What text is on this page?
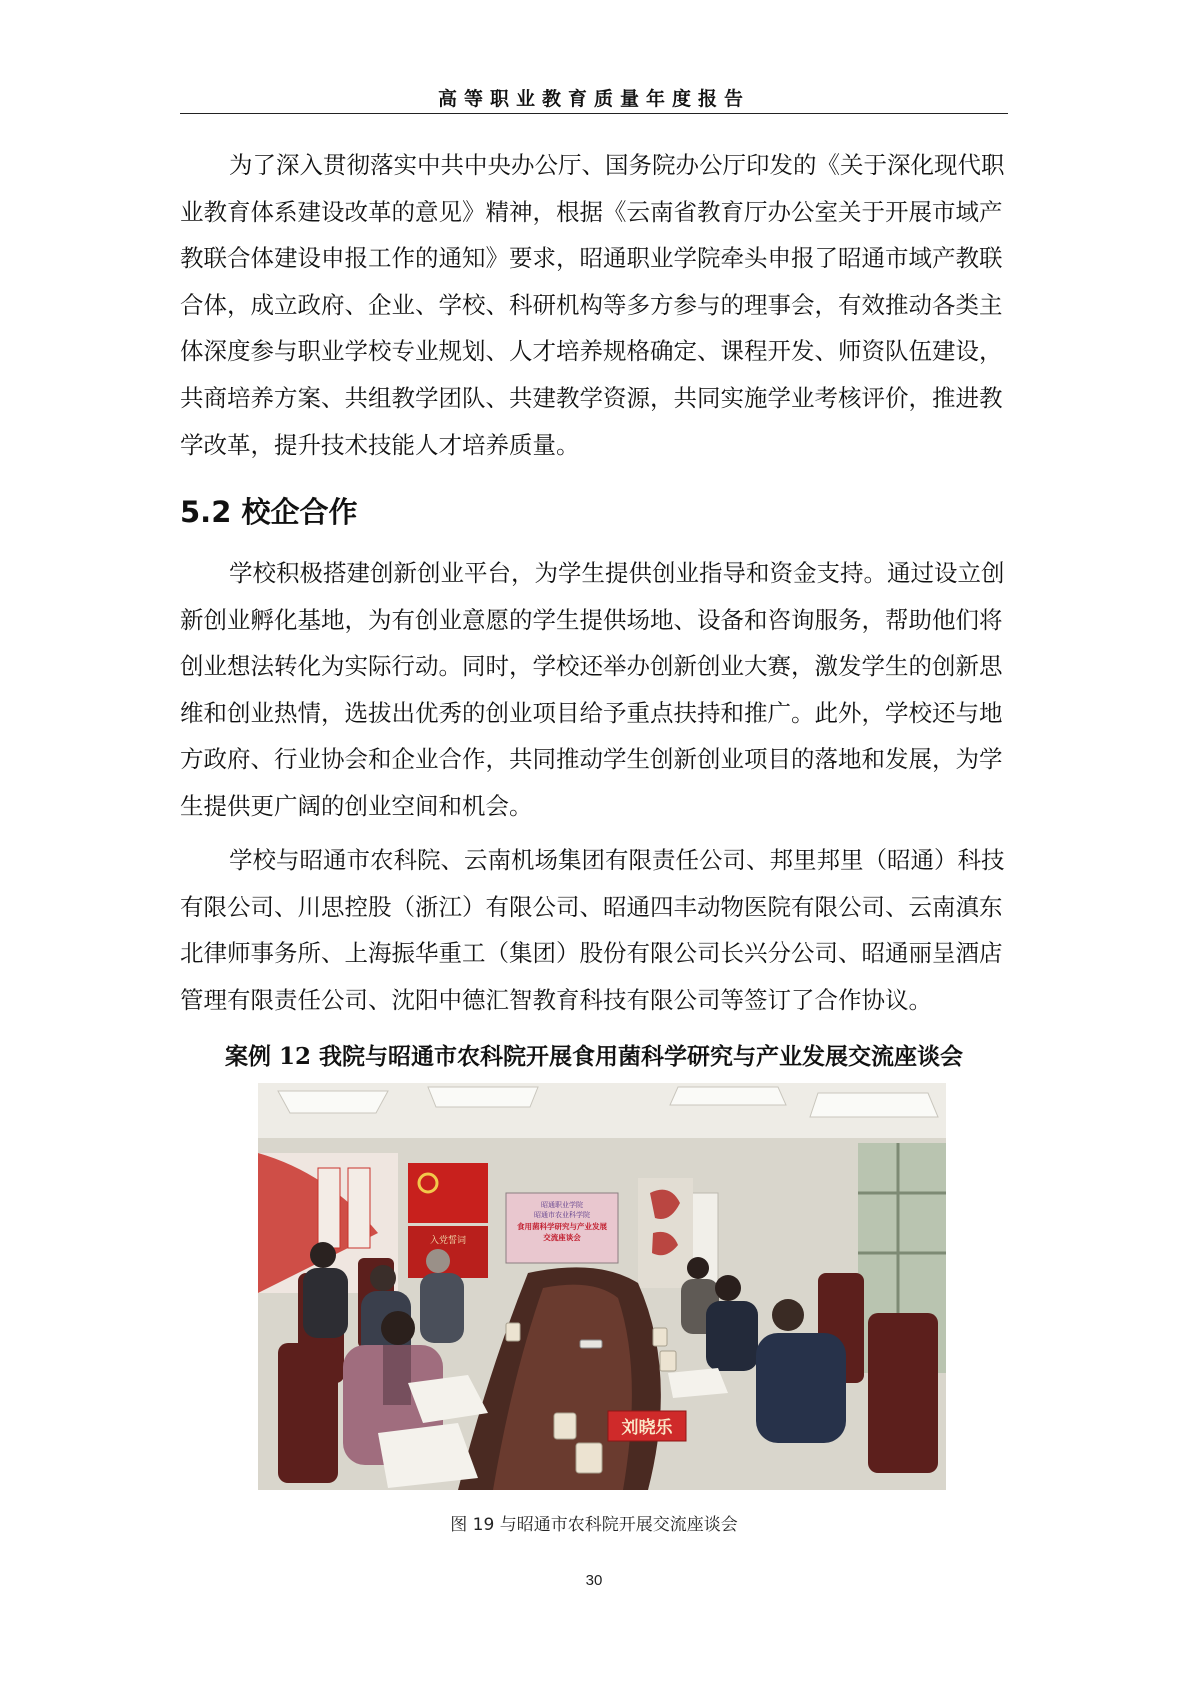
高等职业教育质量年度报告
为了深入贯彻落实中共中央办公厅、国务院办公厅印发的《关于深化现代职
业教育体系建设改革的意见》精神，根据《云南省教育厅办公室关于开展市域产
教联合体建设申报工作的通知》要求，昭通职业学院牵头申报了昭通市域产教联
合体，成立政府、企业、学校、科研机构等多方参与的理事会，有效推动各类主
体深度参与职业学校专业规划、人才培养规格确定、课程开发、师资队伍建设，
共商培养方案、共组教学团队、共建教学资源，共同实施学业考核评价，推进教
学改革，提升技术技能人才培养质量。
5.2 校企合作
学校积极搭建创新创业平台，为学生提供创业指导和资金支持。通过设立创
新创业孵化基地，为有创业意愿的学生提供场地、设备和咨询服务，帮助他们将
创业想法转化为实际行动。同时，学校还举办创新创业大赛，激发学生的创新思
维和创业热情，选拔出优秀的创业项目给予重点扶持和推广。此外，学校还与地
方政府、行业协会和企业合作，共同推动学生创新创业项目的落地和发展，为学
生提供更广阔的创业空间和机会。
学校与昭通市农科院、云南机场集团有限责任公司、邦里邦里（昭通）科技
有限公司、川思控股（浙江）有限公司、昭通四丰动物医院有限公司、云南滇东
北律师事务所、上海振华重工（集团）股份有限公司长兴分公司、昭通丽呈酒店
管理有限责任公司、沈阳中德汇智教育科技有限公司等签订了合作协议。
案例 12 我院与昭通市农科院开展食用菌科学研究与产业发展交流座谈会
入党誓词
昭通职业学院
昭通市农业科学院
食用菌科学研究与产业发展
交流座谈会
刘晓乐
图 19 与昭通市农科院开展交流座谈会
30
